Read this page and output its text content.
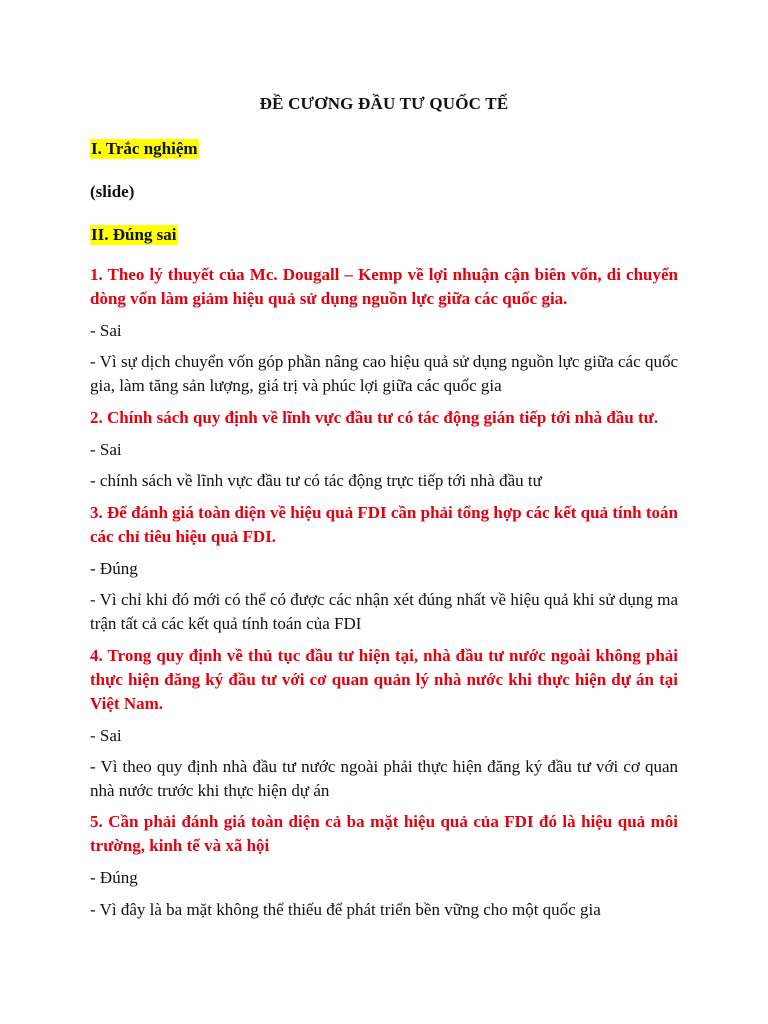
ĐỀ CƯƠNG ĐẦU TƯ QUỐC TẾ
I. Trắc nghiệm
(slide)
II. Đúng sai
1. Theo lý thuyết của Mc. Dougall – Kemp về lợi nhuận cận biên vốn, di chuyển dòng vốn làm giảm hiệu quả sử dụng nguồn lực giữa các quốc gia.
- Sai
- Vì sự dịch chuyển vốn góp phần nâng cao hiệu quả sử dụng nguồn lực giữa các quốc gia, làm tăng sản lượng, giá trị và phúc lợi giữa các quốc gia
2. Chính sách quy định về lĩnh vực đầu tư có tác động gián tiếp tới nhà đầu tư.
- Sai
- chính sách về lĩnh vực đầu tư có tác động trực tiếp tới nhà đầu tư
3. Để đánh giá toàn diện về hiệu quả FDI cần phải tổng hợp các kết quả tính toán các chỉ tiêu hiệu quả FDI.
- Đúng
- Vì chỉ khi đó mới có thể có được các nhận xét đúng nhất về hiệu quả khi sử dụng ma trận tất cả các kết quả tính toán của FDI
4. Trong quy định về thủ tục đầu tư hiện tại, nhà đầu tư nước ngoài không phải thực hiện đăng ký đầu tư với cơ quan quản lý nhà nước khi thực hiện dự án tại Việt Nam.
- Sai
- Vì theo quy định nhà đầu tư nước ngoài phải thực hiện đăng ký đầu tư với cơ quan nhà nước trước khi thực hiện dự án
5. Cần phải đánh giá toàn diện cả ba mặt hiệu quả của FDI đó là hiệu quả môi trường, kinh tế và xã hội
- Đúng
- Vì đây là ba mặt không thể thiếu để phát triển bền vững cho một quốc gia
